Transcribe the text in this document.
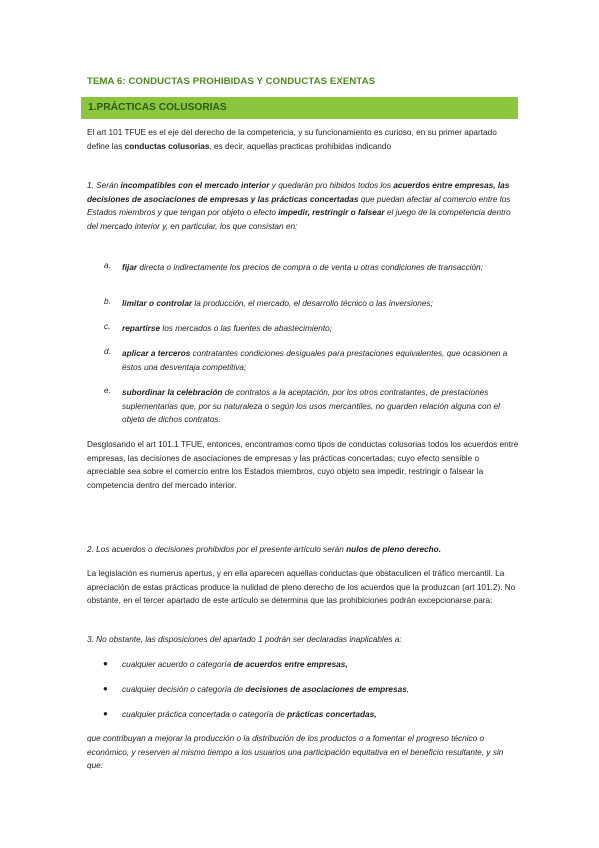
TEMA 6: CONDUCTAS PROHIBIDAS Y CONDUCTAS EXENTAS
1.PRÁCTICAS COLUSORIAS
El art 101 TFUE es el eje del derecho de la competencia, y su funcionamiento es curioso, en su primer apartado define las conductas colusorias, es decir, aquellas practicas prohibidas indicando
1. Serán incompatibles con el mercado interior y quedarán pro hibidos todos los acuerdos entre empresas, las decisiones de asociaciones de empresas y las prácticas concertadas que puedan afectar al comercio entre los Estados miembros y que tengan por objeto o efecto impedir, restringir o falsear el juego de la competencia dentro del mercado interior y, en particular, los que consistan en:
a. fijar directa o indirectamente los precios de compra o de venta u otras condiciones de transacción;
b. limitar o controlar la producción, el mercado, el desarrollo técnico o las inversiones;
c. repartirse los mercados o las fuentes de abastecimiento;
d. aplicar a terceros contratantes condiciones desiguales para prestaciones equivalentes, que ocasionen a éstos una desventaja competitiva;
e. subordinar la celebración de contratos a la aceptación, por los otros contratantes, de prestaciones suplementarias que, por su naturaleza o según los usos mercantiles, no guarden relación alguna con el objeto de dichos contratos.
Desglosando el art 101.1 TFUE, entonces, encontramos como tipos de conductas colusorias todos los acuerdos entre empresas, las decisiones de asociaciones de empresas y las prácticas concertadas; cuyo efecto sensible o apreciable sea sobre el comercio entre los Estados miembros, cuyo objeto sea impedir, restringir o falsear la competencia dentro del mercado interior.
2. Los acuerdos o decisiones prohibidos por el presente artículo serán nulos de pleno derecho.
La legislación es numerus apertus, y en ella aparecen aquellas conductas que obstaculicen el tráfico mercantil. La apreciación de estas prácticas produce la nulidad de pleno derecho de los acuerdos que la produzcan (art 101.2). No obstante, en el tercer apartado de este artículo se determina que las prohibiciones podrán excepcionarse para:
3. No obstante, las disposiciones del apartado 1 podrán ser declaradas inaplicables a:
● cualquier acuerdo o categoría de acuerdos entre empresas,
● cualquier decisión o categoría de decisiones de asociaciones de empresas,
● cualquier práctica concertada o categoría de prácticas concertadas,
que contribuyan a mejorar la producción o la distribución de los productos o a fomentar el progreso técnico o económico, y reserven al mismo tiempo a los usuarios una participación equitativa en el beneficio resultante, y sin que:
